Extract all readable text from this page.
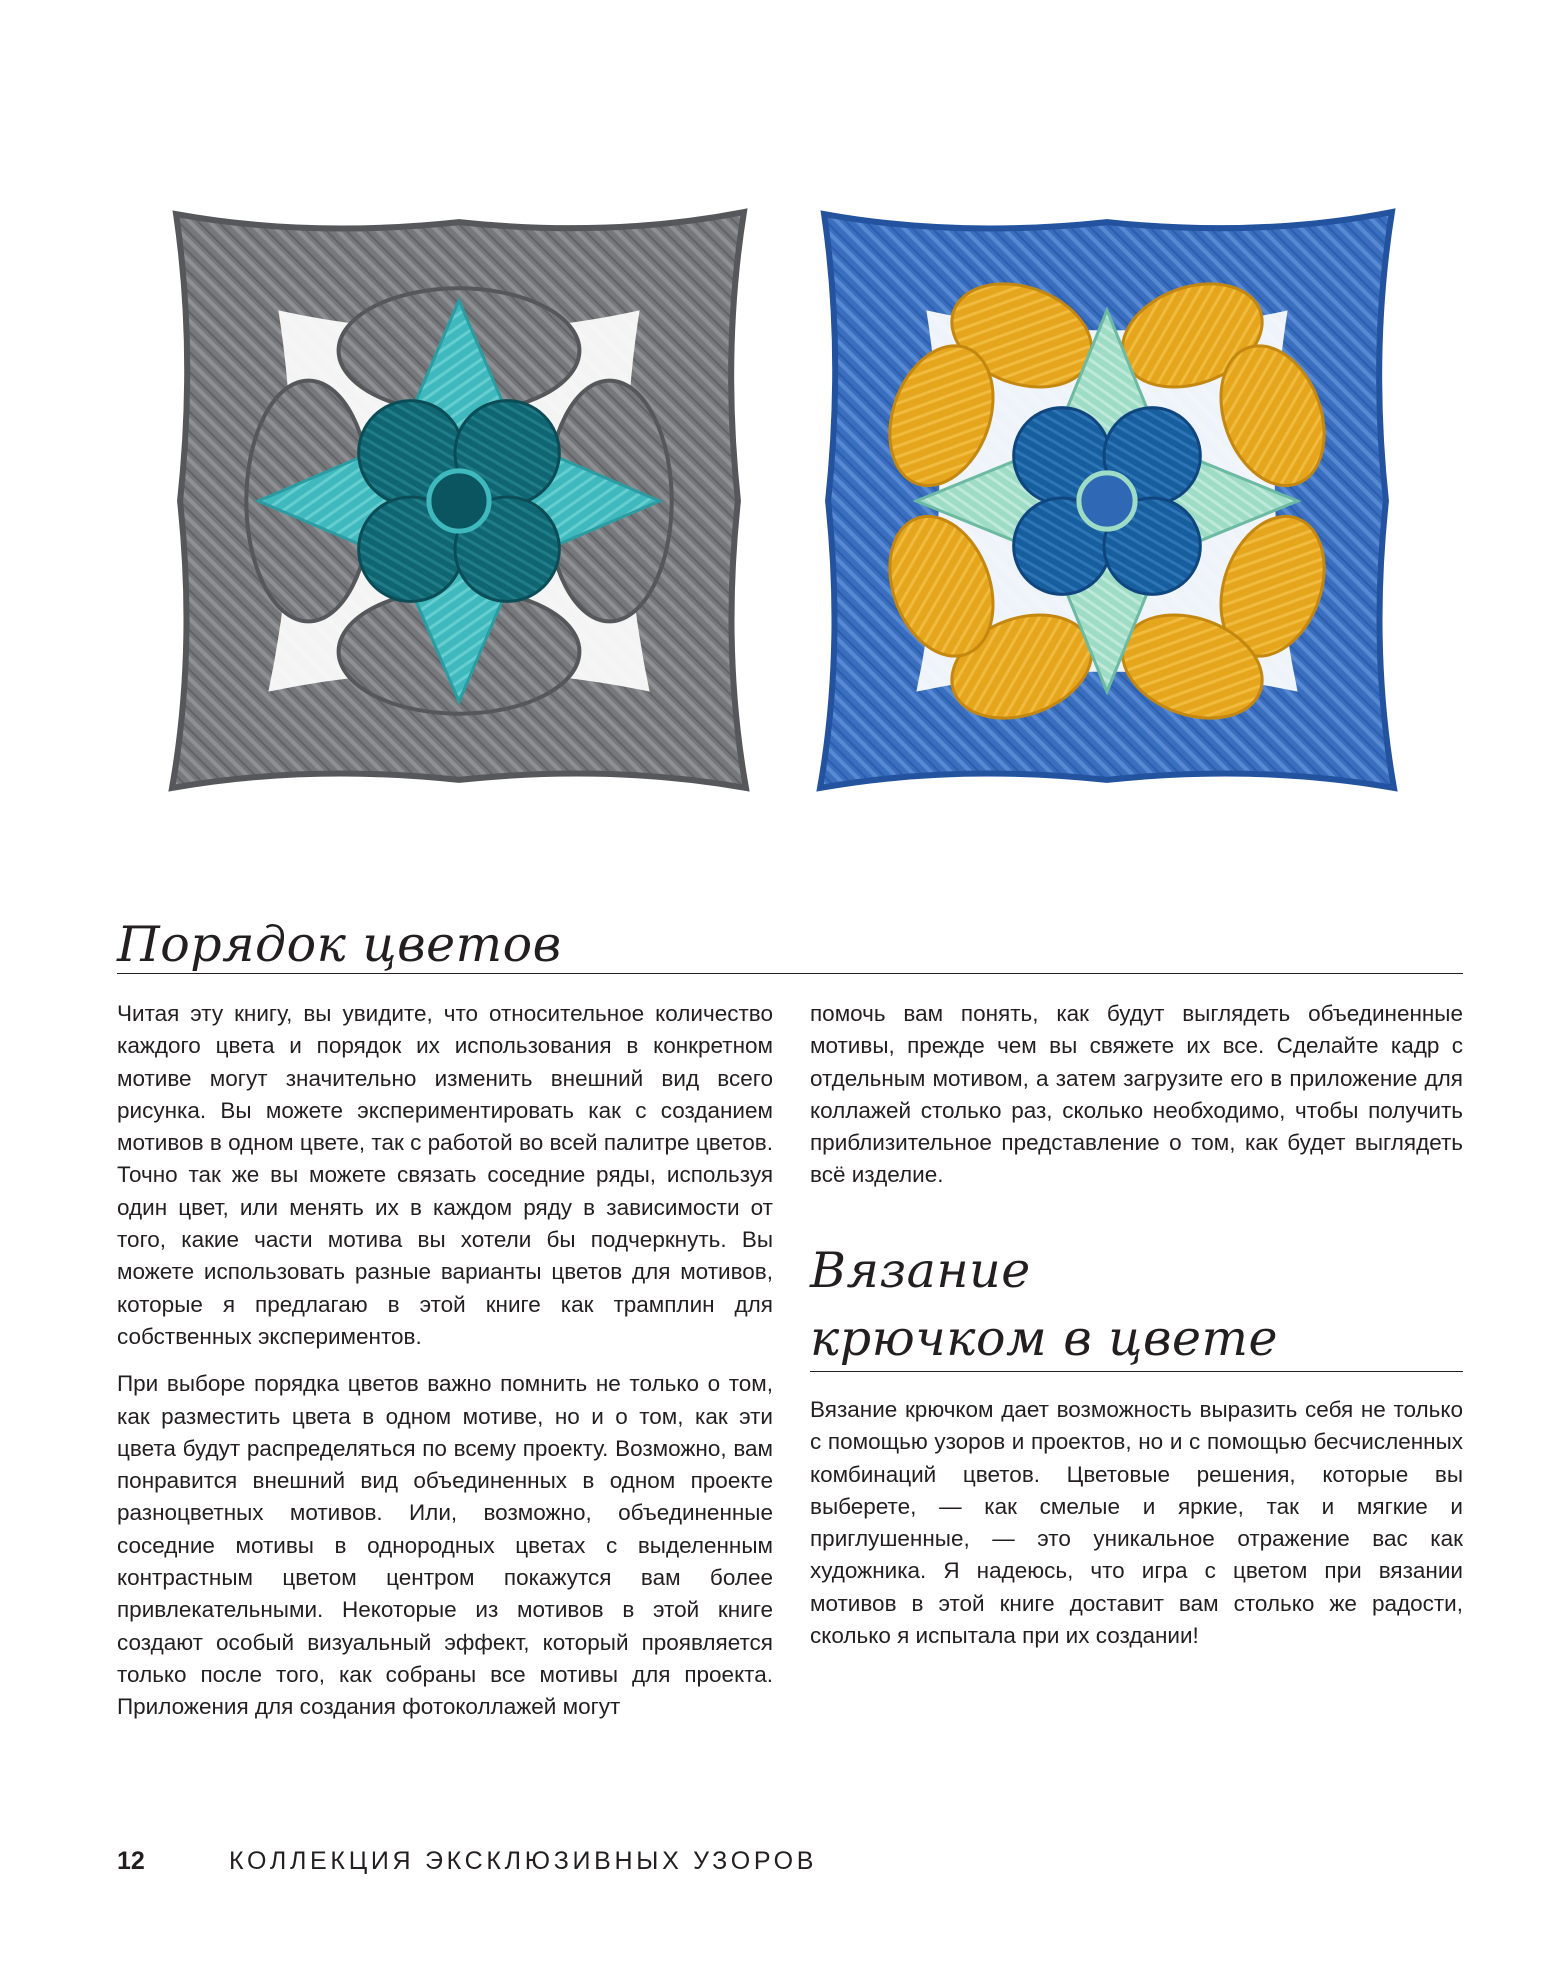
Порядок цветов

Читая эту книгу, вы увидите, что относительное количество каждого цвета и порядок их использования в конкретном мотиве могут значительно изменить внешний вид всего рисунка. Вы можете экспериментировать как с созданием мотивов в одном цвете, так с работой во всей палитре цветов. Точно так же вы можете связать соседние ряды, используя один цвет, или менять их в каждом ряду в зависимости от того, какие части мотива вы хотели бы подчеркнуть. Вы можете использовать разные варианты цветов для мотивов, которые я предлагаю в этой книге как трамплин для собственных экспериментов.

При выборе порядка цветов важно помнить не только о том, как разместить цвета в одном мотиве, но и о том, как эти цвета будут распределяться по всему проекту. Возможно, вам понравится внешний вид объединенных в одном проекте разноцветных мотивов. Или, возможно, объединенные соседние мотивы в однородных цветах с выделенным контрастным цветом центром покажутся вам более привлекательными. Некоторые из мотивов в этой книге создают особый визуальный эффект, который проявляется только после того, как собраны все мотивы для проекта. Приложения для создания фотоколлажей могут

помочь вам понять, как будут выглядеть объединенные мотивы, прежде чем вы свяжете их все. Сделайте кадр с отдельным мотивом, а затем загрузите его в приложение для коллажей столько раз, сколько необходимо, чтобы получить приблизительное представление о том, как будет выглядеть всё изделие.

Вязание
крючком в цвете

Вязание крючком дает возможность выразить себя не только с помощью узоров и проектов, но и с помощью бесчисленных комбинаций цветов. Цветовые решения, которые вы выберете, — как смелые и яркие, так и мягкие и приглушенные, — это уникальное отражение вас как художника. Я надеюсь, что игра с цветом при вязании мотивов в этой книге доставит вам столько же радости, сколько я испытала при их создании!

12	КОЛЛЕКЦИЯ ЭКСКЛЮЗИВНЫХ УЗОРОВ
